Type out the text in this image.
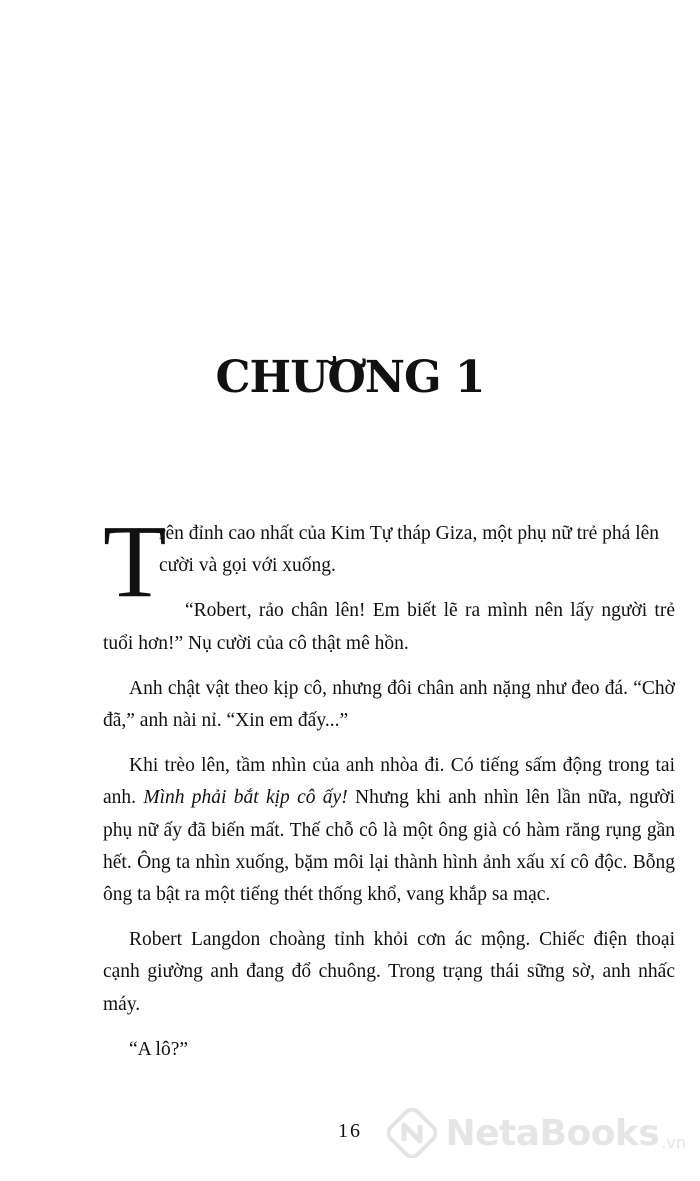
CHƯƠNG 1

T
rên đỉnh cao nhất của Kim Tự tháp Giza, một phụ nữ trẻ phá lên cười và gọi với xuống.

“Robert, rảo chân lên! Em biết lẽ ra mình nên lấy người trẻ tuổi hơn!” Nụ cười của cô thật mê hồn.

Anh chật vật theo kịp cô, nhưng đôi chân anh nặng như đeo đá. “Chờ đã,” anh nài nỉ. “Xin em đấy...”

Khi trèo lên, tầm nhìn của anh nhòa đi. Có tiếng sấm động trong tai anh. Mình phải bắt kịp cô ấy! Nhưng khi anh nhìn lên lần nữa, người phụ nữ ấy đã biến mất. Thế chỗ cô là một ông già có hàm răng rụng gần hết. Ông ta nhìn xuống, bặm môi lại thành hình ảnh xấu xí cô độc. Bỗng ông ta bật ra một tiếng thét thống khổ, vang khắp sa mạc.

Robert Langdon choàng tỉnh khỏi cơn ác mộng. Chiếc điện thoại cạnh giường anh đang đổ chuông. Trong trạng thái sững sờ, anh nhấc máy.

“A lô?”

16	NetaBooks .vn
